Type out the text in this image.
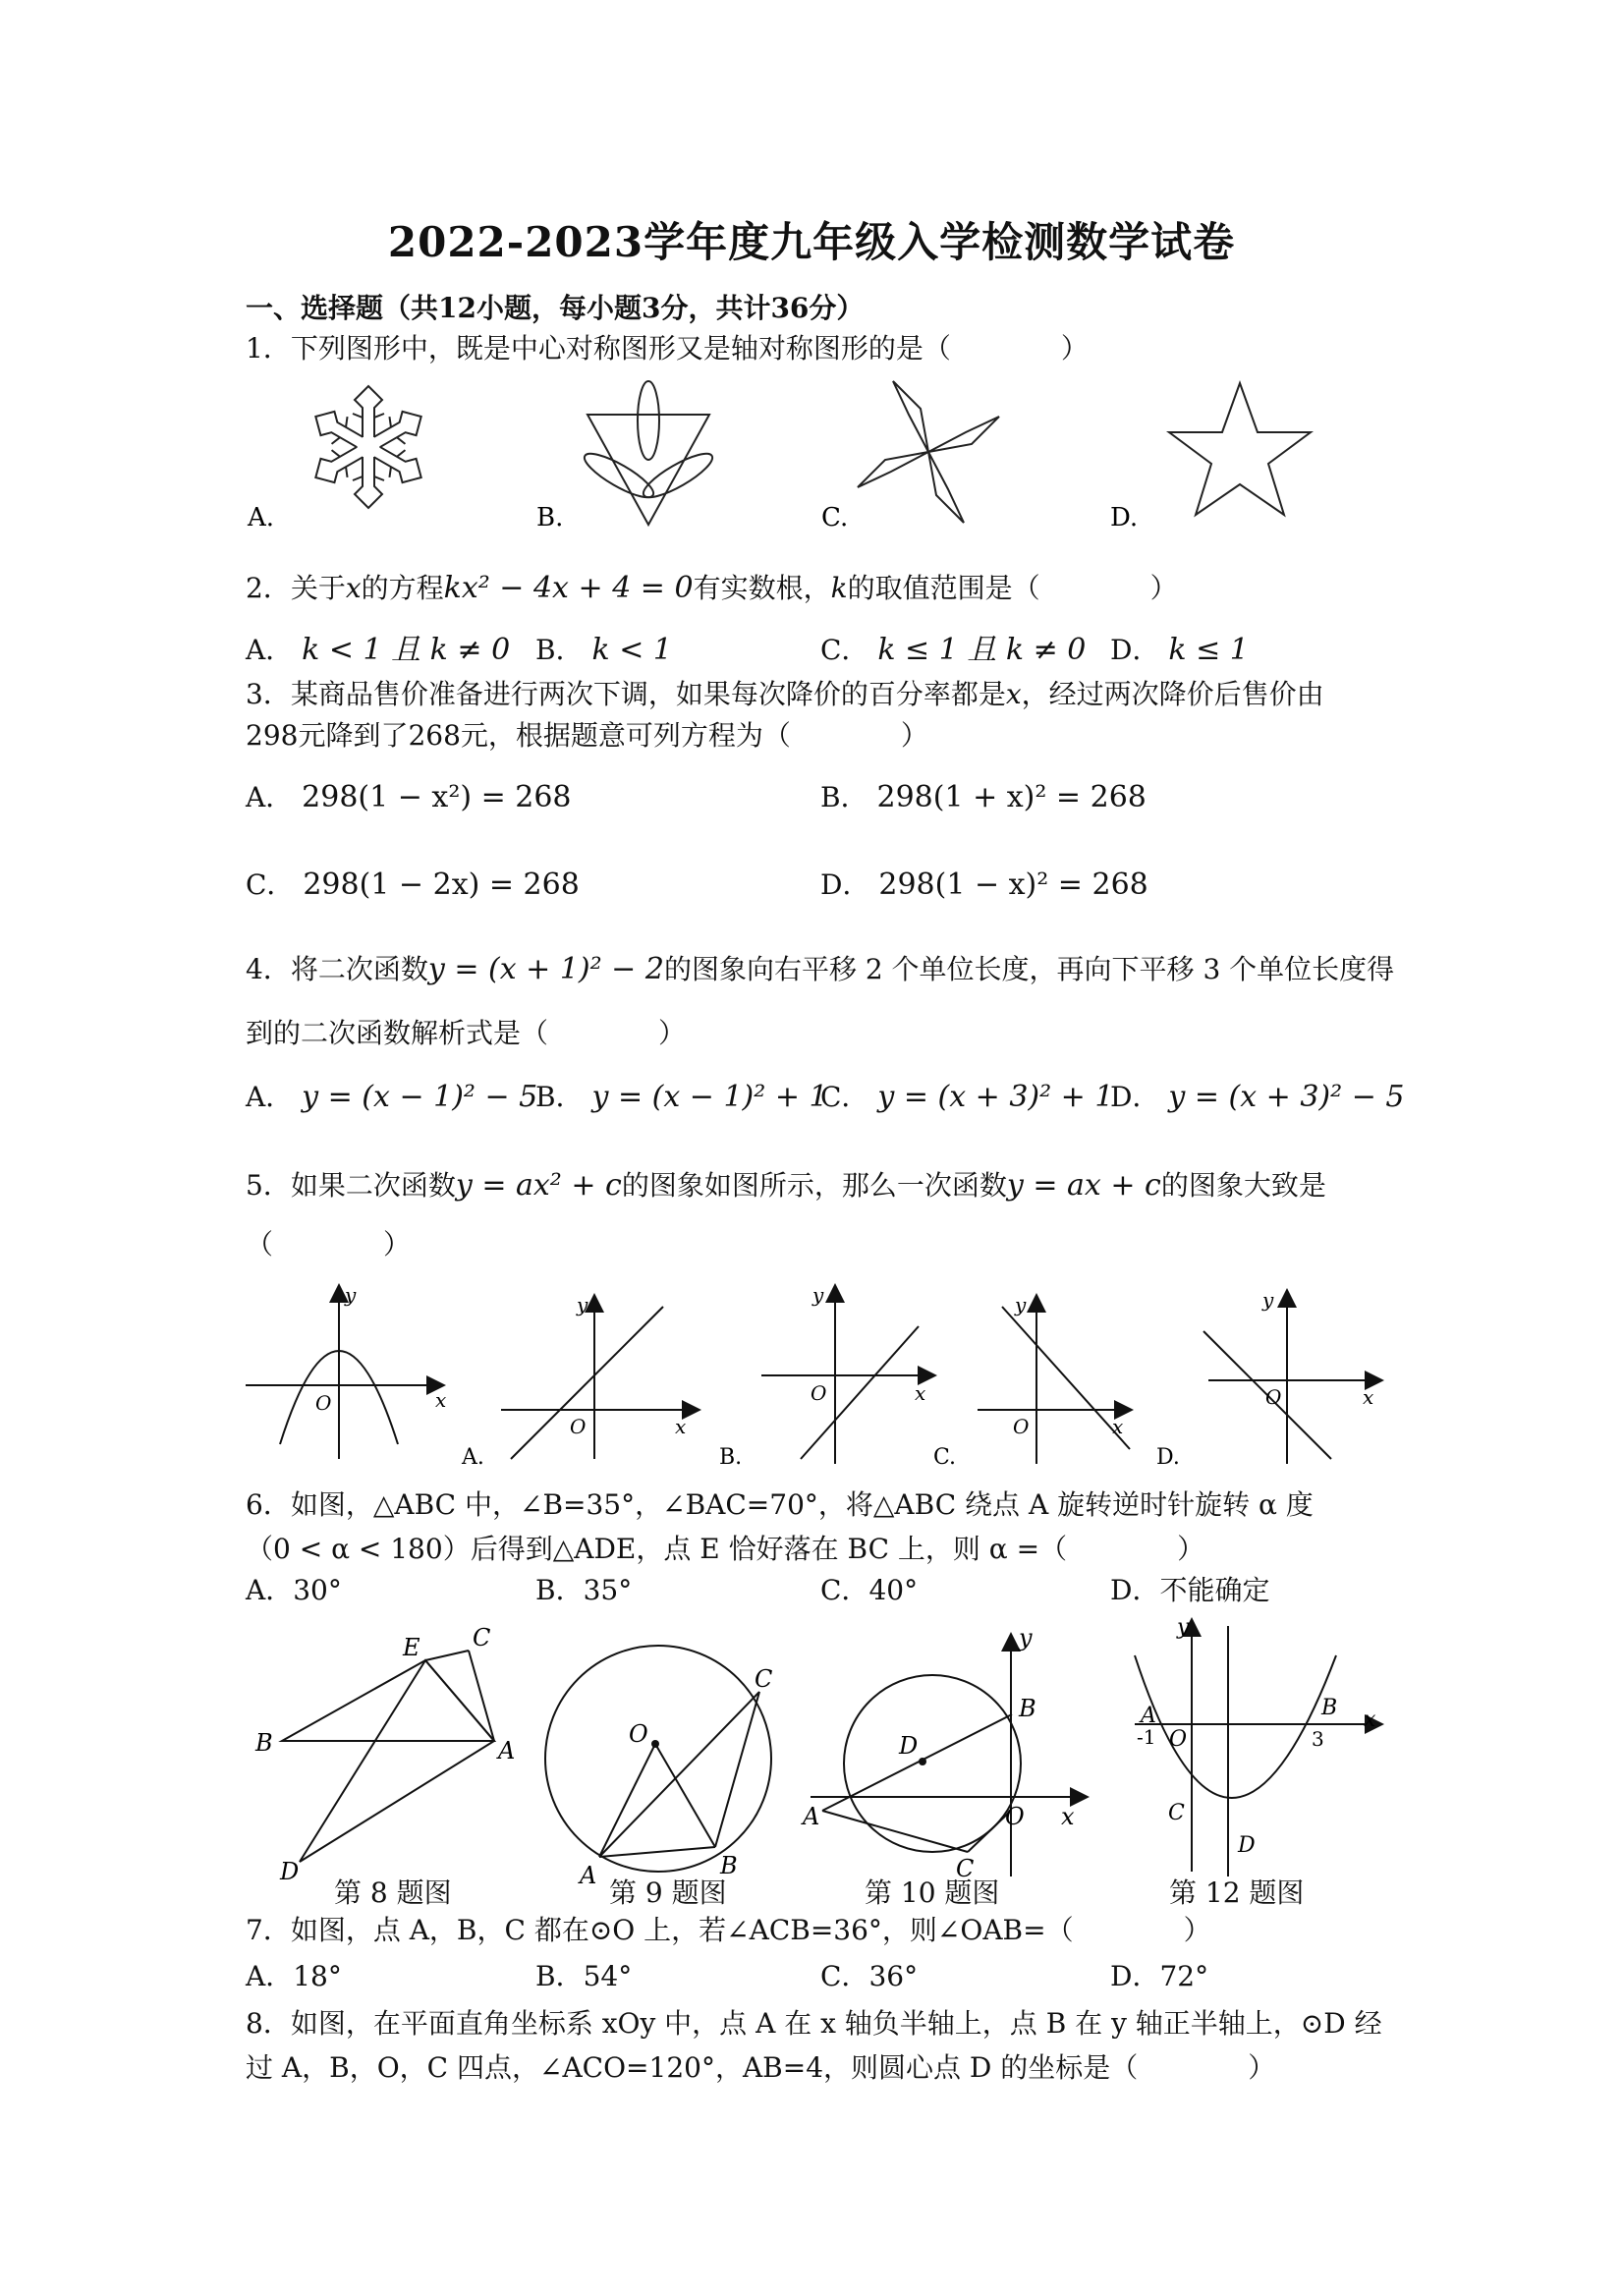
2022-2023学年度九年级入学检测数学试卷
一、选择题（共12小题，每小题3分，共计36分）
1．下列图形中，既是中心对称图形又是轴对称图形的是（　　　　）
A.	B.	C.	D.
2．关于x的方程kx² − 4x + 4 = 0有实数根，k的取值范围是（　　　　）
A． k < 1 且 k ≠ 0 B． k < 1	C． k ≤ 1 且 k ≠ 0 D． k ≤ 1
3．某商品售价准备进行两次下调，如果每次降价的百分率都是x，经过两次降价后售价由
298元降到了268元，根据题意可列方程为（　　　　）
A． 298(1 − x²) = 268	B． 298(1 + x)² = 268
C． 298(1 − 2x) = 268	D． 298(1 − x)² = 268
4．将二次函数y = (x + 1)² − 2的图象向右平移 2 个单位长度，再向下平移 3 个单位长度得
到的二次函数解析式是（　　　　）
A． y = (x − 1)² − 5
B． y = (x − 1)² + 1
C． y = (x + 3)² + 1
D． y = (x + 3)² − 5
5．如果二次函数y = ax² + c的图象如图所示，那么一次函数y = ax + c的图象大致是
（　　　　）
y
x
O
y
O	x
A.
y
O	x
B.
y
O	x
C.
y
O	x
D.
6．如图，△ABC 中，∠B=35°，∠BAC=70°，将△ABC 绕点 A 旋转逆时针旋转 α 度
（0 < α < 180）后得到△ADE，点 E 恰好落在 BC 上，则 α =（　　　　）
A．30°	B．35°	C．40°	D．不能确定
B
E C
A
D
O
C
A	B
y
B
D
A	O x
C
y
A
-1 O
B
3
x
C
D
第 8 题图	第 9 题图	第 10 题图	第 12 题图
7．如图，点 A，B，C 都在⊙O 上，若∠ACB=36°，则∠OAB=（　　　　）
A．18°	B．54°	C．36°	D．72°
8．如图，在平面直角坐标系 xOy 中，点 A 在 x 轴负半轴上，点 B 在 y 轴正半轴上，⊙D 经
过 A，B，O，C 四点，∠ACO=120°，AB=4，则圆心点 D 的坐标是（　　　　）
